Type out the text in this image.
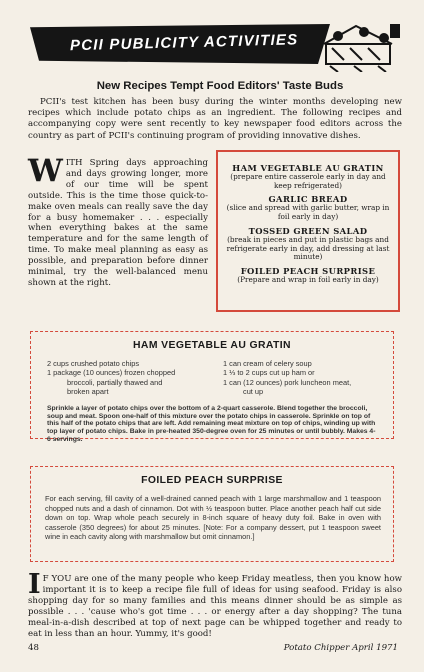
PCII PUBLICITY ACTIVITIES
New Recipes Tempt Food Editors' Taste Buds
PCII's test kitchen has been busy during the winter months developing new recipes which include potato chips as an ingredient. The following recipes and accompanying copy were sent recently to key newspaper food editors across the country as part of PCII's continuing program of providing innovative dishes.
WITH Spring days approaching and days growing longer, more of our time will be spent outside. This is the time those quick-to-make oven meals can really save the day for a busy homemaker . . . especially when everything bakes at the same temperature and for the same length of time. To make meal planning as easy as possible, and preparation before dinner minimal, try the well-balanced menu shown at the right.
HAM VEGETABLE AU GRATIN
(prepare entire casserole early in day and keep refrigerated)
GARLIC BREAD
(slice and spread with garlic butter, wrap in foil early in day)
TOSSED GREEN SALAD
(break in pieces and put in plastic bags and refrigerate early in day, add dressing at last minute)
FOILED PEACH SURPRISE
(Prepare and wrap in foil early in day)
HAM VEGETABLE AU GRATIN
2 cups crushed potato chips
1 package (10 ounces) frozen chopped
broccoli, partially thawed and
broken apart
1 can cream of celery soup
1 ⅓ to 2 cups cut up ham or
1 can (12 ounces) pork luncheon meat,
cut up
Sprinkle a layer of potato chips over the bottom of a 2-quart casserole. Blend together the broccoli, soup and meat. Spoon one-half of this mixture over the potato chips in casserole. Sprinkle on top of this half of the potato chips that are left. Add remaining meat mixture on top of chips, winding up with top layer of potato chips. Bake in pre-heated 350-degree oven for 25 minutes or until bubbly. Makes 4-6 servings.
FOILED PEACH SURPRISE
For each serving, fill cavity of a well-drained canned peach with 1 large marshmallow and 1 teaspoon chopped nuts and a dash of cinnamon. Dot with ½ teaspoon butter. Place another peach half cut side down on top. Wrap whole peach securely in 8-inch square of heavy duty foil. Bake in oven with casserole (350 degrees) for about 25 minutes. [Note: For a company dessert, put 1 teaspoon sweet wine in each cavity along with marshmallow but omit cinnamon.]
I F YOU are one of the many people who keep Friday meatless, then you know how important it is to keep a recipe file full of ideas for using seafood. Friday is also shopping day for so many families and this means dinner should be as simple as possible . . . 'cause who's got time . . . or energy after a day shopping? The tuna meal-in-a-dish described at top of next page can be whipped together and ready to eat in less than an hour. Yummy, it's good!
48	Potato Chipper April 1971
